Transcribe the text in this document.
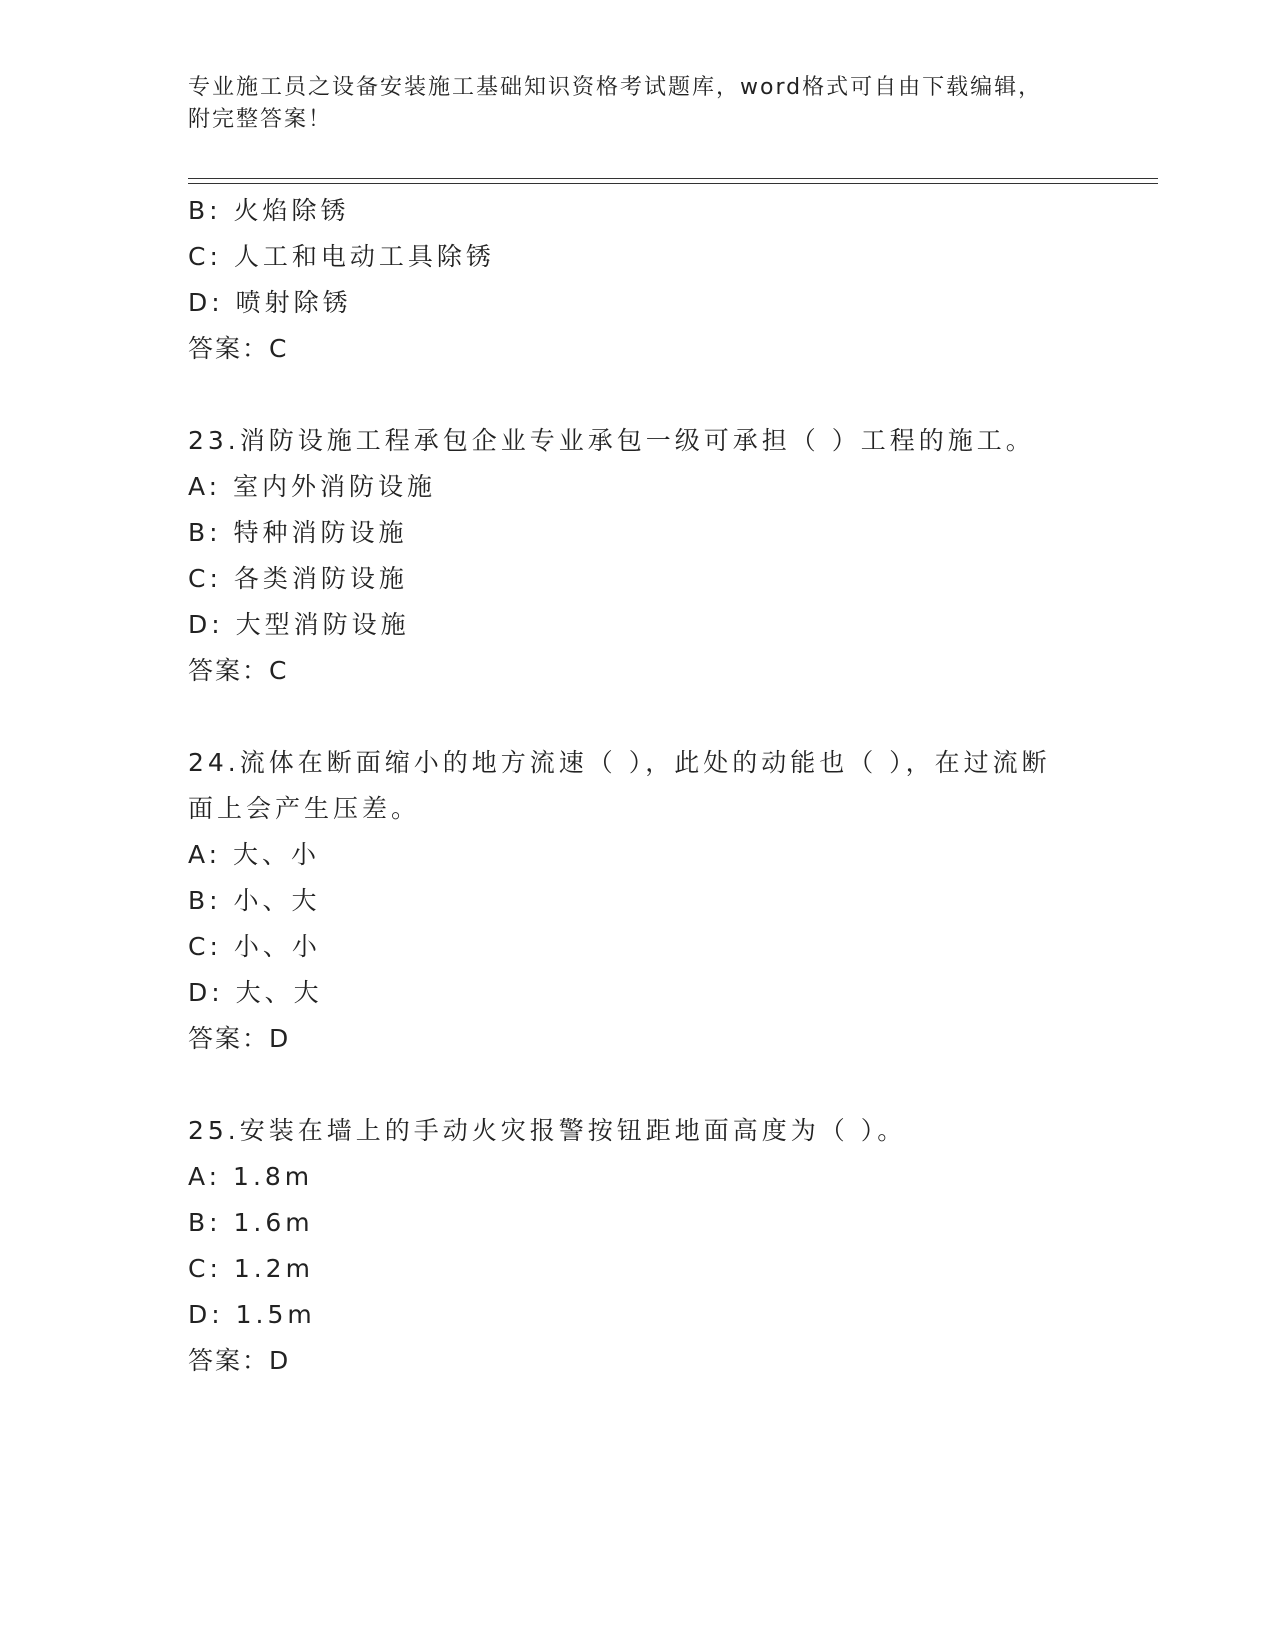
专业施工员之设备安装施工基础知识资格考试题库，word格式可自由下载编辑，
附完整答案！
B: 火焰除锈
C: 人工和电动工具除锈
D: 喷射除锈
答案：C
23.消防设施工程承包企业专业承包一级可承担（ ）工程的施工。
A: 室内外消防设施
B: 特种消防设施
C: 各类消防设施
D: 大型消防设施
答案：C
24.流体在断面缩小的地方流速（ ），此处的动能也（ ），在过流断
面上会产生压差。
A: 大、小
B: 小、大
C: 小、小
D: 大、大
答案：D
25.安装在墙上的手动火灾报警按钮距地面高度为（ ）。
A: 1.8m
B: 1.6m
C: 1.2m
D: 1.5m
答案：D
